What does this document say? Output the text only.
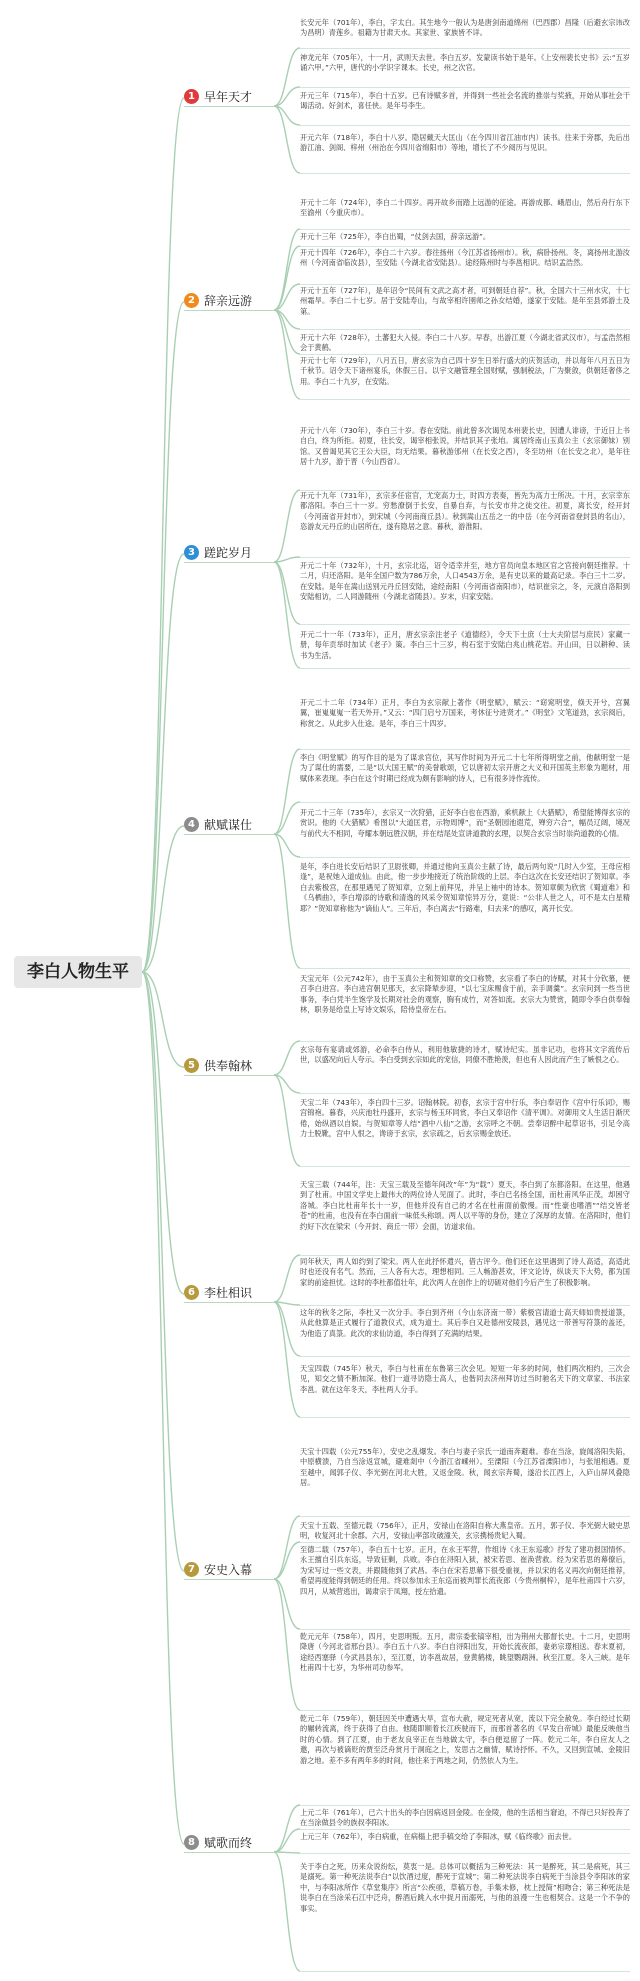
李白人物生平
1 早年天才
长安元年（701年），李白，字太白。其生地今一般认为是唐剑南道绵州（巴西郡）昌隆（后避玄宗讳改为昌明）青莲乡。祖籍为甘肃天水。其家世、家族皆不详。
神龙元年（705年），十一月，武则天去世。李白五岁。发蒙读书始于是年。《上安州裴长史书》云:“五岁诵六甲。”六甲，唐代的小学识字课本。长史，州之次官。
开元三年（715年），李白十五岁。已有诗赋多首，并得到一些社会名流的推崇与奖掖，开始从事社会干谒活动。好剑术，喜任侠。是年号李生。
开元六年（718年），李白十八岁。隐居戴天大匡山（在今四川省江油市内）读书。往来于旁郡，先后出游江油、剑阁、梓州（州治在今四川省绵阳市）等地，增长了不少阅历与见识。
2 辞亲远游
开元十二年（724年），李白二十四岁。再开故乡而踏上远游的征途。再游成都、峨眉山，然后舟行东下至渝州（今重庆市）。
开元十三年（725年），李白出蜀，“仗剑去国，辞亲远游”。
开元十四年（726年），李白二十六岁。春往扬州（今江苏省扬州市）。秋，病卧扬州。冬，离扬州北游汝州（今河南省临汝县），至安陆（今湖北省安陆县）。途经陈州时与李邕相识。结识孟浩然。
开元十五年（727年），是年诏令“民间有文武之高才者，可到朝廷自荐”。秋，全国六十三州水灾，十七州霜旱。李白二十七岁。居于安陆寿山，与故宰相许圉师之孙女结婚，遂家于安陆。是年至县郊游土及第。
开元十六年（728年），土蕃犯大入侵。李白二十八岁。早春，出游江夏（今湖北省武汉市），与孟浩然相会于黄鹤。
开元十七年（729年），八月五日，唐玄宗为自己四十岁生日举行盛大的庆贺活动，并以每年八月五日为千秋节。诏令天下诸州宴乐，休假三日。以宇文融管理全国财赋，强制税法，广为聚敛，供朝廷奢侈之用。李白二十九岁，在安陆。
3 蹉跎岁月
开元十八年（730年），李白三十岁。春在安陆。前此曾多次谒见本州裴长史，因遭人诽谤，于近日上书自白，终为所拒。初夏，往长安，谒宰相张说，并结识其子张垍。寓居终南山玉真公主（玄宗御妹）别馆。又曾谒见其它王公大臣，均无结果。暮秋游邠州（在长安之西），冬至坊州（在长安之北），是年往居十九岁，游于晋（今山西省）。
开元十九年（731年），玄宗多任宦官，尤宠高力士，时四方表奏，皆先为高力士所决。十月，玄宗幸东都洛阳。李白三十一岁。穷愁潦倒于长安，自暴自弃，与长安市井之徒交往。初夏，离长安，经开封（今河南省开封市），到宋城（今河南商丘县）。秋到嵩山五岳之一的中岳（在今河南省登封县的名山），恣游友元丹丘的山居所在，遂有隐居之意。暮秋，游淮阳。
开元二十年（732年），十月，玄宗北巡，诏令适幸并至，地方官员向皇本地区官之官接向朝廷推荐。十二月，归还洛阳。是年全国户数为786万余，人口4543万余，是有史以来的最高记录。李白三十二岁。在安陆。是年在嵩山送别元丹丘回安陆，途经南阳（今河南省南阳市），结识崔宗之，冬，元演自洛阳到安陆相访，二人同游随州（今湖北省随县）。岁末，归家安陆。
开元二十一年（733年），正月，唐玄宗亲注老子《道德经》，令天下士庶（士大夫阶层与庶民）家藏一册，每年贡举时加试《老子》策。李白三十三岁，构石室于安陆白兆山桃花岩。开山田，日以耕种、读书为生活。
4 献赋谋仕
开元二十二年（734年）正月，李白为玄宗献上著作《明堂赋》，赋云：“窈窕明堂，倏天开兮，宫翼翼，崔嵬嵬嵬一若天外开。”又云：“四门启兮万国来，考休征兮进贤才。”《明堂》文笔道劲，玄宗阅后，称赏之。从此步入仕途。是年，李白三十四岁。
李白《明堂赋》的写作目的是为了谋求官位，其写作时间为开元二十七年所得明堂之前，他献明堂一是为了谋仕的需要，二是“以大国王赋”的美誉歌颂，它以唐初太宗开唐之大义和开国英主形象为题材，用赋体来表现。李白在这个时期已经成为颇有影响的诗人，已有很多诗作流传。
开元二十三年（735年），玄宗又一次狩猎，正好李白也在西游，乘机献上《大猎赋》，希望能博得玄宗的赏识。他的《大猎赋》希图以“大道匡君，示物周博”，而“圣朝园池遐荒，殚穷六合”，幅员辽阔，境况与前代大不相同，夸耀本朝远胜汉朝，并在结尾处宣讲道教的玄理，以契合玄宗当时崇尚道教的心情。
是年，李白进长安后结识了卫尉张卿，并通过他向玉真公主献了诗，最后两句说“几时入少室，王母应相逢”，是祝她入道成仙。由此，他一步步地接近了统治阶级的上层。李白这次在长安还结识了贺知章。李白去紫极宫，在那里遇见了贺知章，立刻上前拜见，并呈上袖中的诗本。贺知章颇为欣赏《蜀道难》和《乌栖曲》，李白增添的诗歌和清逸的风采令贺知章惊异万分，竟说：“公非人世之人，可不是太白星精耶？”贺知章称他为“谪仙人”。三年后，李白离去“行路难，归去来”的感叹，离开长安。
5 供奉翰林
天宝元年（公元742年），由于玉真公主和贺知章的交口称赞，玄宗看了李白的诗赋，对其十分钦慕，便召李白进宫。李白进宫朝见那天，玄宗降辇步迎，“以七宝床赐食于前，亲手调羹”。玄宗问到一些当世事务，李白凭半生饱学及长期对社会的观察，胸有成竹，对答如流。玄宗大为赞赏，随即令李白供奉翰林，职务是给皇上写诗文娱乐，陪侍皇帝左右。
玄宗每有宴请或郊游，必命李白侍从，利用他敏捷的诗才，赋诗纪实。虽非记功，也将其文字流传后世，以盛况向后人夸示。李白受到玄宗如此的宠信，同僚不胜艳羡，但也有人因此而产生了嫉恨之心。
天宝二年（743年），李白四十三岁。诏翰林院。初春，玄宗于宫中行乐，李白奉诏作《宫中行乐词》，赐宫锦袍。暮春，兴庆池牡丹盛开，玄宗与杨玉环同赏，李白又奉诏作《清平调》。对御用文人生活日渐厌倦，始纵酒以自娱。与贺知章等人结“酒中八仙”之游，玄宗呼之不朝。尝奉诏醉中起草诏书，引足令高力士脱靴，宫中人恨之，谗谤于玄宗，玄宗疏之，后玄宗赐金放还。
6 李杜相识
天宝三载（744年，注：天宝三载及至德年间改“年”为“载”）夏天，李白到了东都洛阳。在这里，他遇到了杜甫。中国文学史上最伟大的两位诗人见面了。此时，李白已名扬全国，而杜甫风华正茂，却困守洛城。李白比杜甫年长十一岁，但他并没有自己的才名在杜甫面前傲慢。而“性豪也嗜酒”“结交皆老苍”的杜甫，也没有在李白面前一味低头称颂。两人以平等的身份，建立了深厚的友情。在洛阳时，他们约好下次在梁宋（今开封、商丘一带）会面，访道求仙。
同年秋天，两人如约到了梁宋。两人在此抒怀遣兴，借古评今。他们还在这里遇到了诗人高适，高适此时也还没有名气。然而，三人各有大志，理想相同。三人畅游甚欢，评文论诗，纵谈天下大势，都为国家的前途担忧。这时的李杜都值壮年，此次两人在创作上的切磋对他们今后产生了积极影响。
这年的秋冬之际，李杜又一次分手。李白到齐州（今山东济南一带）紫极宫请道士高天师如贵授道箓，从此他算是正式履行了道教仪式，成为道士。其后李白又赴德州安陵县，遇见这一带善写符箓的盖还，为他造了真箓。此次的求仙访道，李白得到了充满的结果。
天宝四载（745年）秋天，李白与杜甫在东鲁第三次会见。短短一年多的时间，他们两次相约，三次会见，知交之情不断加深。他们一道寻访隐士高人，也偕同去济州拜访过当时驰名天下的文章家、书法家李邕。就在这年冬天，李杜两人分手。
7 安史入幕
天宝十四载（公元755年），安史之乱爆发。李白与妻子宗氏一道南奔避难。春在当涂，旋闻洛阳失陷，中原横溃，乃自当涂返宣城，避难剡中（今浙江省嵊州）。至溧阳（今江苏省溧阳市），与张旭相遇。夏至越中，闻郭子仪、李光弼在河北大胜，又返金陵。秋，闻玄宗奔蜀，遂沿长江西上，入庐山屏风叠隐居。
天宝十五载、至德元载（756年），正月，安禄山在洛阳自称大燕皇帝。五月，郭子仪、李光弼大破史思明，收复河北十余郡。六月，安禄山率部攻破潼关，玄宗携杨贵妃入蜀。
至德二载（757年），李白五十七岁。正月，在永王军营，作组诗《永王东巡歌》抒发了建功报国情怀。永王擅自引兵东巡，导致征剿，兵败。李白在浔阳入狱，被宋若思、崔涣营救。经为宋若思的幕僚后，为宋写过一些文表，并跟随他到了武昌。李白在宋若思幕下很受重视，并以宋的名义再次向朝廷推荐，希望再度能得到朝廷的任用。终以参加永王东巡而被判罪长流夜郎（今贵州桐梓），是年杜甫四十六岁，四月，从城营逃出，谒肃宗于凤翔，授左拾遗。
乾元元年（758年），四月，史思明叛。五月，肃宗委张镐宰相，出为荆州大都督长史。十二月，史思明降唐（今河北省邢台县）。李白五十八岁。李白自浔阳出发，开始长流夜郎，妻弟宗璟相送。春末夏初，途经西塞驿（今武昌县东），至江夏，访李邕故居，登黄鹤楼，眺望鹦鹉洲。秋至江夏。冬入三峡。是年杜甫四十七岁，为华州司功参军。
8 赋歌而终
乾元二年（759年），朝廷因关中遭遇大旱，宣布大赦，规定死者从宽，流以下完全赦免。李白经过长期的辗转流离，终于获得了自由。他随即顺着长江疾驶而下，而那首著名的《早发白帝城》最能反映他当时的心情。到了江夏，由于老友良宰正在当地做太守，李白便逗留了一阵。乾元二年，李白应友人之邀，再次与被谪贬的贾至泛舟赏月于洞庭之上，发思古之幽情，赋诗抒怀。不久，又回到宣城、金陵旧游之地。差不多有两年多的时间，他往来于两地之间，仍然依人为生。
上元二年（761年），已六十出头的李白因病返回金陵。在金陵，他的生活相当窘迫，不得已只好投奔了在当涂做县令的族叔李阳冰。
上元三年（762年），李白病重，在病榻上把手稿交给了李阳冰，赋《临终歌》而去世。
关于李白之死，历来众说纷纭，莫衷一是。总体可以概括为三种死法：其一是醉死，其二是病死，其三是溺死。第一种死法说李白“以饮酒过度，醉死于宣城”；第二种死法说李白病死于当涂县令李阳冰的家中，与李阳冰所作《草堂集序》所言“公疾亟，草稿万卷，手集未修，枕上授简”相吻合；第三种死法是说李白在当涂采石江中泛舟，醉酒后跳入水中捉月而溺死，与他的浪漫一生也相契合。这是一个不争的事实。
